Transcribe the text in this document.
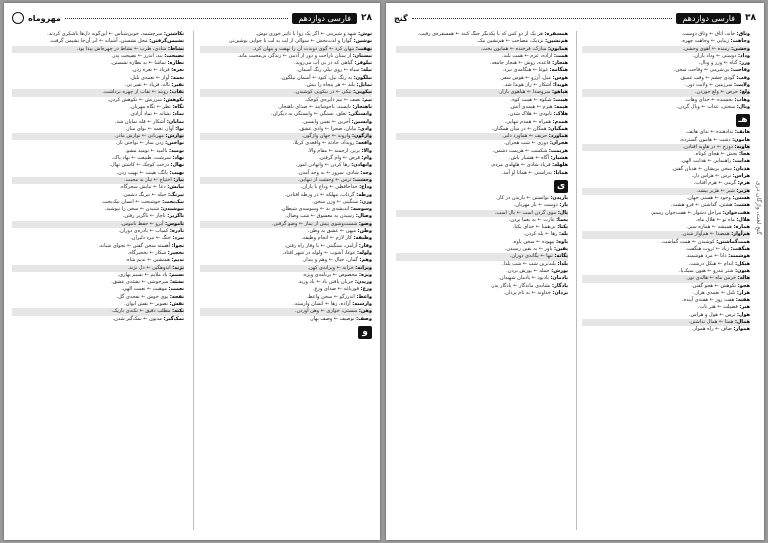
۲۸
فارسی دوازدهم
مهروماه

نوش: شهد و شیرینی ← اگر یک زوا با تاثیر خوری نوش.

نوشین: گوارا و لذت‌بخش ← سوالی از لب به لب با جوابی نوشین‌تر.

نهفت: پنهان کرد ← گوی دوبدت آن را نهفت و پنهان کرد.

نیستان: از ستان ناراحت و دور از آدمی ← زندگی بی‌محبت ماند.

نیلوفر: گیاهی که در بی آب می‌روید.

نیله: سیاه ← روی نیلی رنگ آسمان.

نیلگون: به رنگ نیل، کبود ← آسمان نیلگون.

تمایل: بلند ← هر پنجاه را بیش.

نیکویی: نیکی ← در نیکویی کوشیدن.

نیم: نصف ← نیم دایره‌ی کوچک.

ناهنجار: ناپسند، ناخوشایند ← صدای ناهنجار.

وابستگی: تعلق، بستگی ← وابستگی به دیگران.

واپسین: آخرین ← نفس واپسین.

وادی: بیابان، صحرا ← وادی عشق.

واژگون: وارونه ← جهان واژگون.

واقعه: رویداد، حادثه ← واقعه‌ی کربلا.

والا: برتر، ارجمند ← مقام والا.

وام: قرض ← وام گرفتن.

وانهادن: رها کردن ← وانهادن امور.

وجد: شادی، سرور ← به وجد آمدن.

وحشت: ترس ← وحشت از تنهایی.

وداع: خداحافظی ← وداع با یاران.

ورطه: گرداب، مهلکه ← در ورطه افتادن.

وزن: سنگینی ← وزن سخن.

وسوسه: اندیشه‌ی بد ← وسوسه‌ی شیطان.

وصال: رسیدن به معشوق ← شب وصال.

وضو: شست‌وشوی پیش از نماز ← وضو گرفتن.

وطن: میهن ← عشق به وطن.

وظیفه: کار لازم ← انجام وظیفه.

وقار: آرامی، سنگینی ← با وقار راه رفتن.

ولوله: غوغا، آشوب ← ولوله در شهر افتاد.

وهم: گمان، خیال ← وهم و پندار.

ویرانه: خرابه ← ویرانه‌ی کهن.

ویژه: مخصوص ← برنامه‌ی ویژه.

وزیدن: جریان یافتن باد ← باد وزید.

وزغ: قورباغه ← صدای وزغ.

واعظ: اندرزگو ← سخن واعظ.

وارسته: آزاده، رها ← انسان وارسته.

وهن: سستی، خواری ← وهن آوردن.

وصف: توصیف ← وصف بهار.

و

نکاشتن: سرچشمه، خوبی‌شناس ← این‌گونه دل‌ها ناشکری کردند.

نشیمن‌گرفتن: محل نشستن، آشیانه ← ابر آن‌جا نشیمن گرفت.

نشاط: شادی، طرب ← نشاط در چهره‌اش پیدا بود.

نصیحت: پند، اندرز ← نصیحت پدر.

نظاره: تماشا ← به نظاره نشستن.

نعره: فریاد ← نعره زدن.

نغمه: آواز ← نغمه‌ی بلبل.

نفیر: ناله، فریاد ← نفیر نی.

نقاب: روبند ← نقاب از چهره برداشت.

نکوهش: سرزنش ← نکوهش کردن.

نگاه: نظر ← نگاه مهربان.

نماد: نشانه ← نماد آزادی.

نمایان: آشکار ← قله نمایان شد.

نوا: آواز، نغمه ← نوای ساز.

نوازش: مهربانی ← نوازش مادر.

نواختن: زدن ساز ← نواختن تار.

نومید: ناامید ← نومید مشو.

نهاد: سرشت، طبیعت ← نهاد پاک.

نهال: درخت کوچک ← کاشتن نهال.

نهیب: بانگ، هیبت ← نهیب زدن.

نیاز: احتیاج ← نیاز به محبت.

نیایش: دعا ← نیایش سحرگاه.

نیرنگ: حیله ← نیرنگ دشمن.

نیک‌بخت: خوشبخت ← انسان نیک‌بخت.

نیوشیدن: شنیدن ← سخن را نیوشید.

ناگزیر: ناچار ← ناگزیر رفتن.

ناموس: آبرو ← حفظ ناموس.

نادره: کمیاب ← نادره‌ی دوران.

نبرد: جنگ ← نبرد دلیران.

نجوا: آهسته سخن گفتن ← نجوای شبانه.

نخجیر: شکار ← نخجیرگاه.

ندیم: همنشین ← ندیم شاه.

نژند: اندوهگین ← دل نژند.

نسیم: باد ملایم ← نسیم بهاری.

نشئه: سرخوشی ← نشئه‌ی عشق.

نعمت: موهبت ← نعمت الهی.

نفحه: بوی خوش ← نفحه‌ی گل.

نقش: تصویر ← نقش ایوان.

نکته: مطلب دقیق ← نکته‌ی باریک.

نمک‌گیر: مدیون ← نمک‌گیر شدن.

۳۸
فارسی دوازدهم
گنج
گنج لغت، واژگان دری

وثاق: خانه، اتاق ← وثاق دوست.

وجاهت: زیبایی ← وجاهت چهره.

وحشی: رمنده ← آهوی وحشی.

وداد: دوستی ← وداد یاران.

وزر: گناه ← وزر و وبال.

وقاحت: بی‌شرمی ← وقاحت سخن.

وقب: گودی چشم ← وقب عمیق.

ولایت: سرزمین ← ولایت دور.

ولع: حرص ← ولع خوردن.

وهاب: بخشنده ← خدای وهاب.

وبال: سختی، عذاب ← وبال گردن.

هـ

هاتف: ندادهنده ← ندای هاتف.

هامون: دشت ← هامون گسترده.

هاویه: دوزخ ← در هاویه افتادن.

هجا: بخش ← هجای کوتاه.

هدایت: راهنمایی ← هدایت الهی.

هذیان: سخن پریشان ← هذیان گفتن.

هراس: ترس ← هراس دل.

هرم: گرمی ← هرم آفتاب.

هژبر: شیر ← هژبر بیشه.

هستی: وجود ← هستی جهان.

هشت: هشتن، گذاشتن ← فرو هشت.

هفت‌خوان: مراحل دشوار ← هفت‌خوان رستم.

هلال: ماه نو ← هلال ماه.

هماره: همیشه ← هماره سبز.

هم‌آواز: همصدا ← هم‌آواز شدن.

همت‌گماشتن: کوشیدن ← همت گماشت.

هنگفت: زیاد ← ثروت هنگفت.

هوشمند: دانا ← مرد هوشمند.

هیکل: اندام ← هیکل درشت.

هیون: شتر تندرو ← هیون سبک‌پا.

هاله: خرمن ماه ← هاله‌ی نور.

هجو: نکوهش ← هجو گفتن.

هزار: بلبل ← نغمه‌ی هزار.

هفته: هفت روز ← هفته‌ی آینده.

هنر: فضیلت ← هنر ناب.

هول: ترس ← هول و هراس.

همال: همتا ← همال نداشتن.

هموار: صاف ← راه هموار.

همسفره: هر یک از دو کس که با یکدیگر جنگ کنند ← همسفره‌ی رقیب.

هم‌نشین: نزدیک، مصاحب ← هم‌نشین نیک.

همایون: مبارک، فرخنده ← همایون بخت.

همت: اراده، عزم ← همت بلند.

هنجار: قاعده، روش ← هنجار جامعه.

هنگامه: غوغا ← هنگامه‌ی نبرد.

هوس: میل، آرزو ← هوس سفر.

هویدا: آشکار ← راز هویدا شد.

هیاهو: سروصدا ← هیاهوی بازار.

هیبت: شکوه ← هیبت کوه.

هیمه: هیزم ← هیمه‌ی آتش.

هلاک: نابودی ← هلاک شدن.

همدم: همراه ← همدم تنهایی.

همگنان: همگان ← در میان همگنان.

هماورد: حریف ← هماورد دلیر.

هجران: دوری ← شب هجران.

هزیمت: شکست ← هزیمت دشمن.

هشیار: آگاه ← هشیار باش.

هلهله: فریاد شادی ← هلهله‌ی مردم.

همانا: به‌راستی ← همانا او آمد.

ی

یاریدن: توانستن ← یاریدن در کار.

یار: دوست ← یار مهربان.

یال: موی گردن اسب ← یال اسب.

یغما: غارت ← به یغما بردن.

یکتا: بی‌همتا ← خدای یکتا.

یله: رها ← یله کردن.

یاوه: بیهوده ← سخن یاوه.

یقین: باور ← به یقین رسیدن.

یگانه: تنها ← یگانه‌ی دوران.

یلدا: بلندترین شب ← شب یلدا.

یورش: حمله ← یورش بردن.

یادمان: یادبود ← یادمان شهیدان.

یادگار: نشانه‌ی ماندگار ← یادگار پدر.

یزدان: خداوند ← به نام یزدان.
